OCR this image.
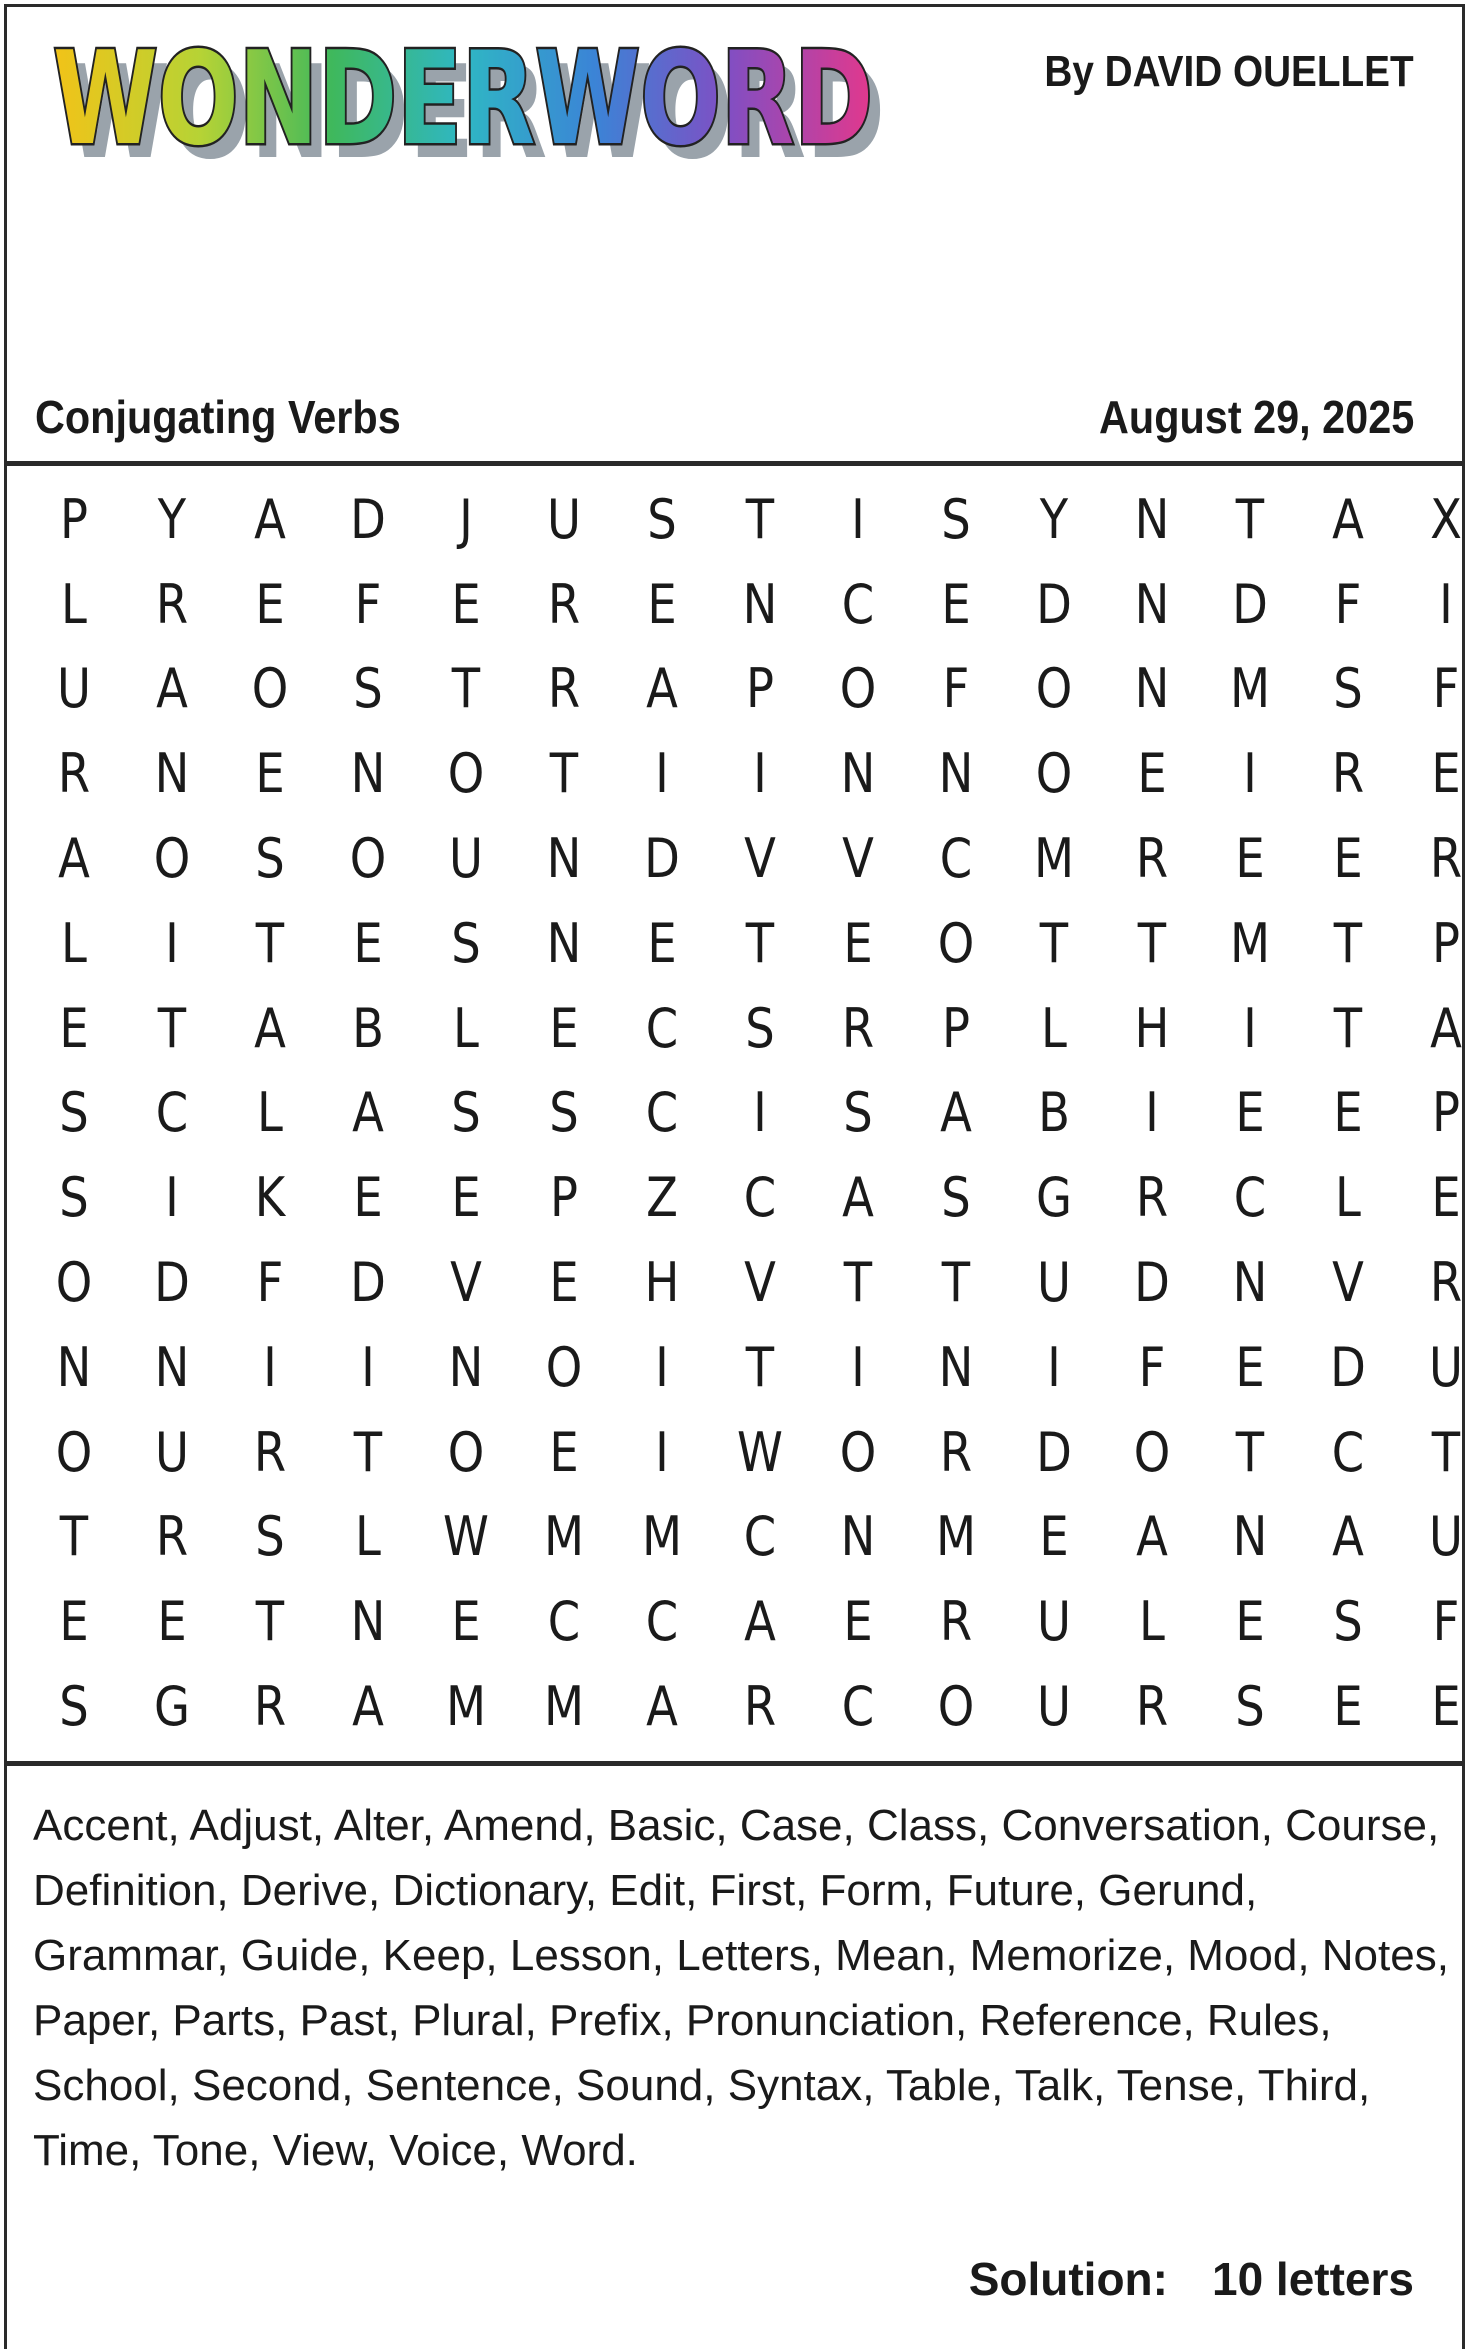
WONDERWORD
WONDERWORD	By DAVID OUELLET
Conjugating Verbs	August 29, 2025
P	Y	A	D	J	U	S	T	I	S	Y	N	T	A	X
L	R	E	F	E	R	E	N	C	E	D	N	D	F	I
U	A	O	S	T	R	A	P	O	F	O	N	M	S	F
R	N	E	N	O	T	I	I	N	N	O	E	I	R	E
A	O	S	O	U	N	D	V	V	C	M	R	E	E	R
L	I	T	E	S	N	E	T	E	O	T	T	M	T	P
E	T	A	B	L	E	C	S	R	P	L	H	I	T	A
S	C	L	A	S	S	C	I	S	A	B	I	E	E	P
S	I	K	E	E	P	Z	C	A	S	G	R	C	L	E
O	D	F	D	V	E	H	V	T	T	U	D	N	V	R
N	N	I	I	N	O	I	T	I	N	I	F	E	D	U
O	U	R	T	O	E	I	W	O	R	D	O	T	C	T
T	R	S	L	W	M	M	C	N	M	E	A	N	A	U
E	E	T	N	E	C	C	A	E	R	U	L	E	S	F
S	G	R	A	M	M	A	R	C	O	U	R	S	E	E
Accent, Adjust, Alter, Amend, Basic, Case, Class, Conversation, Course, Definition, Derive, Dictionary, Edit, First, Form, Future, Gerund, Grammar, Guide, Keep, Lesson, Letters, Mean, Memorize, Mood, Notes, Paper, Parts, Past, Plural, Prefix, Pronunciation, Reference, Rules, School, Second, Sentence, Sound, Syntax, Table, Talk, Tense, Third, Time, Tone, View, Voice, Word.
Solution: 10 letters
